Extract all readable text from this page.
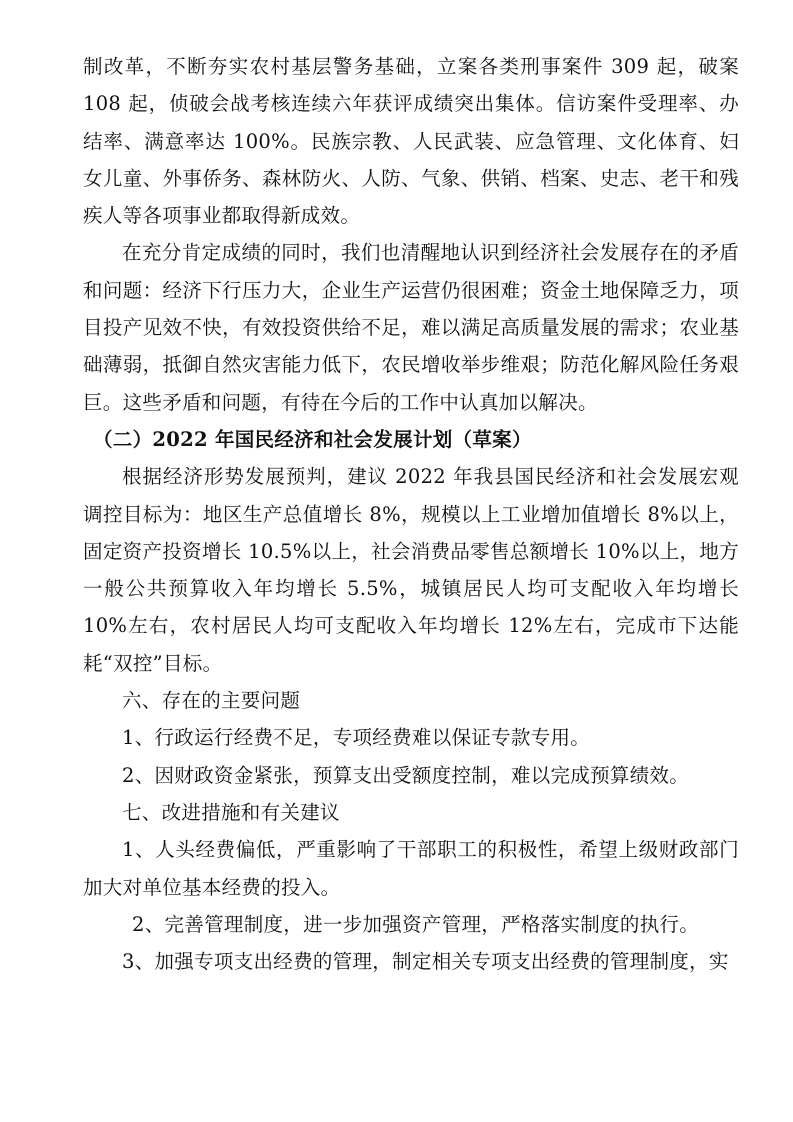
制改革，不断夯实农村基层警务基础，立案各类刑事案件 309 起，破案 108 起，侦破会战考核连续六年获评成绩突出集体。信访案件受理率、办结率、满意率达 100%。民族宗教、人民武装、应急管理、文化体育、妇女儿童、外事侨务、森林防火、人防、气象、供销、档案、史志、老干和残疾人等各项事业都取得新成效。

在充分肯定成绩的同时，我们也清醒地认识到经济社会发展存在的矛盾和问题：经济下行压力大，企业生产运营仍很困难；资金土地保障乏力，项目投产见效不快，有效投资供给不足，难以满足高质量发展的需求；农业基础薄弱，抵御自然灾害能力低下，农民增收举步维艰；防范化解风险任务艰巨。这些矛盾和问题，有待在今后的工作中认真加以解决。

（二）2022 年国民经济和社会发展计划（草案）

根据经济形势发展预判，建议 2022 年我县国民经济和社会发展宏观调控目标为：地区生产总值增长 8%，规模以上工业增加值增长 8%以上，固定资产投资增长 10.5%以上，社会消费品零售总额增长 10%以上，地方一般公共预算收入年均增长 5.5%，城镇居民人均可支配收入年均增长 10%左右，农村居民人均可支配收入年均增长 12%左右，完成市下达能耗“双控”目标。

六、存在的主要问题

1、行政运行经费不足，专项经费难以保证专款专用。

2、因财政资金紧张，预算支出受额度控制，难以完成预算绩效。

七、改进措施和有关建议

1、人头经费偏低，严重影响了干部职工的积极性，希望上级财政部门加大对单位基本经费的投入。

2、完善管理制度，进一步加强资产管理，严格落实制度的执行。

3、加强专项支出经费的管理，制定相关专项支出经费的管理制度，实
